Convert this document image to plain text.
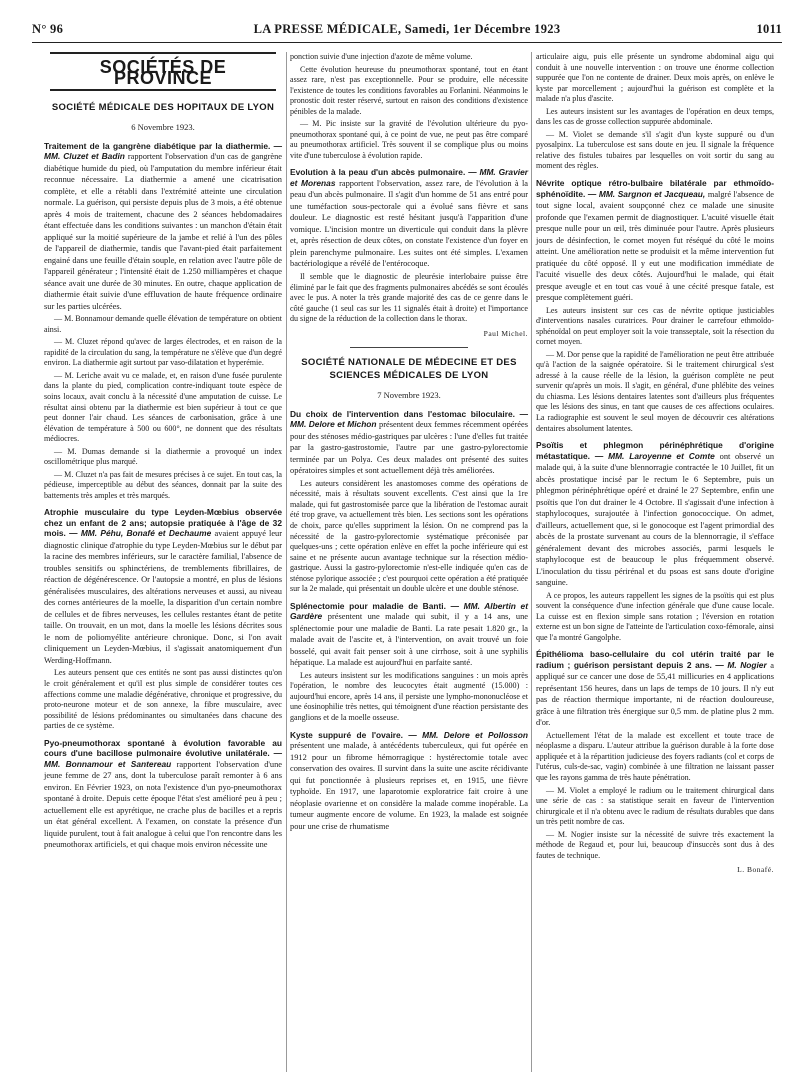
N° 96	LA PRESSE MÉDICALE, Samedi, 1er Décembre 1923	1011
SOCIÉTÉS DE PROVINCE
SOCIÉTÉ MÉDICALE DES HOPITAUX DE LYON

6 Novembre 1923.

Traitement de la gangrène diabétique par la diathermie. — MM. Cluzet et Badin rapportent l'observation d'un cas de gangrène diabétique humide du pied, où l'amputation du membre inférieur était reconnue nécessaire. La diathermie a amené une cicatrisation complète, et elle a rétabli dans l'extrémité atteinte une circulation normale. La guérison, qui persiste depuis plus de 3 mois, a été obtenue après 4 mois de traitement, chacune des 2 séances hebdomadaires étant effectuée dans les conditions suivantes : un manchon d'étain était appliqué sur la moitié supérieure de la jambe et relié à l'un des pôles de l'appareil de diathermie, tandis que l'avant-pied était parfaitement engainé dans une feuille d'étain souple, en relation avec l'autre pôle de l'appareil générateur ; l'intensité était de 1.250 milliampères et chaque séance avait une durée de 30 minutes. En outre, chaque application de diathermie était suivie d'une effluvation de haute fréquence ordinaire sur les parties ulcérées.

— M. Bonnamour demande quelle élévation de température on obtient ainsi.

— M. Cluzet répond qu'avec de larges électrodes, et en raison de la rapidité de la circulation du sang, la température ne s'élève que d'un degré environ. La diathermie agit surtout par vaso-dilatation et hyperémie.

— M. Leriche avait vu ce malade, et, en raison d'une fusée purulente dans la plante du pied, complication contre-indiquant toute espèce de soins locaux, avait conclu à la nécessité d'une amputation de cuisse. Le résultat ainsi obtenu par la diathermie est bien supérieur à tout ce que peut donner l'air chaud. Les séances de carbonisation, grâce à une élévation de température à 500 ou 600°, ne donnent que des résultats médiocres.

— M. Dumas demande si la diathermie a provoqué un index oscillométrique plus marqué.

— M. Cluzet n'a pas fait de mesures précises à ce sujet. En tout cas, la pédieuse, imperceptible au début des séances, donnait par la suite des battements très amples et très marqués.

Atrophie musculaire du type Leyden-Mœbius observée chez un enfant de 2 ans; autopsie pratiquée à l'âge de 32 mois. — MM. Péhu, Bonafé et Dechaume avaient appuyé leur diagnostic clinique d'atrophie du type Leyden-Mœbius sur le début par la racine des membres inférieurs, sur le caractère familial, l'absence de troubles sensitifs ou sphinctériens, de tremblements fibrillaires, de réaction de dégénérescence. Or l'autopsie a montré, en plus de lésions généralisées musculaires, des altérations nerveuses et aussi, au niveau des cornes antérieures de la moelle, la disparition d'un certain nombre de cellules et de fibres nerveuses, les cellules restantes étant de petite taille. On trouvait, en un mot, dans la moelle les lésions décrites sous le nom de poliomyélite antérieure chronique. Donc, si l'on avait cliniquement un Leyden-Mœbius, il s'agissait anatomiquement d'un Werding-Hoffmann.

Les auteurs pensent que ces entités ne sont pas aussi distinctes qu'on le croit généralement et qu'il est plus simple de considérer toutes ces affections comme une maladie dégénérative, chronique et progressive, du proto-neurone moteur et de son annexe, la fibre musculaire, avec possibilité de lésions prédominantes ou simultanées dans chacune des parties de ce système.

Pyo-pneumothorax spontané à évolution favorable au cours d'une bacillose pulmonaire évolutive unilatérale. — MM. Bonnamour et Santereau rapportent l'observation d'une jeune femme de 27 ans, dont la tuberculose paraît remonter à 6 ans environ. En Février 1923, on nota l'existence d'un pyo-pneumothorax spontané à droite. Depuis cette époque l'état s'est amélioré peu à peu ; actuellement elle est apyrétique, ne crache plus de bacilles et a repris un état général excellent. A l'examen, on constate la présence d'un liquide purulent, tout à fait analogue à celui que l'on rencontre dans les pneumothorax artificiels, et qui chaque mois environ nécessite une

ponction suivie d'une injection d'azote de même volume.

Cette évolution heureuse du pneumothorax spontané, tout en étant assez rare, n'est pas exceptionnelle. Pour se produire, elle nécessite l'existence de toutes les conditions favorables au Forlanini. Néanmoins le pronostic doit rester réservé, surtout en raison des conditions d'existence pénibles de la malade.

— M. Pic insiste sur la gravité de l'évolution ultérieure du pyo-pneumothorax spontané qui, à ce point de vue, ne peut pas être comparé au pneumothorax artificiel. Très souvent il se complique plus ou moins vite d'une tuberculose à évolution rapide.

Evolution à la peau d'un abcès pulmonaire. — MM. Gravier et Morenas rapportent l'observation, assez rare, de l'évolution à la peau d'un abcès pulmonaire. Il s'agit d'un homme de 51 ans entré pour une tuméfaction sous-pectorale qui a évolué sans fièvre et sans douleur. Le diagnostic est resté hésitant jusqu'à l'apparition d'une vomique. L'incision montre un diverticule qui conduit dans la plèvre et, après résection de deux côtes, on constate l'existence d'un foyer en plein parenchyme pulmonaire. Les suites ont été simples. L'examen bactériologique a révélé de l'entérocoque.

Il semble que le diagnostic de pleurésie interlobaire puisse être éliminé par le fait que des fragments pulmonaires abcédés se sont écoulés avec le pus. A noter la très grande majorité des cas de ce genre dans le côté gauche (1 seul cas sur les 11 signalés était à droite) et l'importance du signe de la réduction de la collection dans le thorax.

Paul Michel.
SOCIÉTÉ NATIONALE DE MÉDECINE ET DES SCIENCES MÉDICALES DE LYON

7 Novembre 1923.

Du choix de l'intervention dans l'estomac biloculaire. — MM. Delore et Michon présentent deux femmes récemment opérées pour des sténoses médio-gastriques par ulcères : l'une d'elles fut traitée par la gastro-gastrostomie, l'autre par une gastro-pylorectomie terminée par un Polya. Ces deux malades ont présenté des suites opératoires simples et sont actuellement déjà très améliorées.

Les auteurs considèrent les anastomoses comme des opérations de nécessité, mais à résultats souvent excellents. C'est ainsi que la 1re malade, qui fut gastrostomisée parce que la libération de l'estomac aurait été trop grave, va actuellement très bien. Les sections sont les opérations de choix, parce qu'elles suppriment la lésion. On ne comprend pas la nécessité de la gastro-pylorectomie systématique préconisée par quelques-uns ; cette opération enlève en effet la poche inférieure qui est saine et ne présente aucun avantage technique sur la résection médio-gastrique. Aussi la gastro-pylorectomie n'est-elle indiquée qu'en cas de sténose pylorique associée ; c'est pourquoi cette opération a été pratiquée sur la 2e malade, qui présentait un double ulcère et une double sténose.

Splénectomie pour maladie de Banti. — MM. Albertin et Gardère présentent une malade qui subit, il y a 14 ans, une splénectomie pour une maladie de Banti. La rate pesait 1.820 gr., la malade avait de l'ascite et, à l'intervention, on avait trouvé un foie bosselé, qui avait fait penser soit à une cirrhose, soit à une syphilis hépatique. La malade est aujourd'hui en parfaite santé.

Les auteurs insistent sur les modifications sanguines : un mois après l'opération, le nombre des leucocytes était augmenté (15.000) : aujourd'hui encore, après 14 ans, il persiste une lympho-mononucléose et une éosinophilie très nettes, qui témoignent d'une réaction persistante des ganglions et de la moelle osseuse.

Kyste suppuré de l'ovaire. — MM. Delore et Pollosson présentent une malade, à antécédents tuberculeux, qui fut opérée en 1912 pour un fibrome hémorragique : hystérectomie totale avec conservation des ovaires. Il survint dans la suite une ascite récidivante qui fut ponctionnée à plusieurs reprises et, en 1915, une fièvre typhoïde. En 1917, une laparotomie exploratrice fait croire à une néoplasie ovarienne et on considère la malade comme inopérable. La tumeur augmente encore de volume. En 1923, la malade est soignée pour une crise de rhumatisme

articulaire aigu, puis elle présente un syndrome abdominal aigu qui conduit à une nouvelle intervention : on trouve une énorme collection suppurée que l'on ne contente de drainer. Deux mois après, on enlève le kyste par morcellement ; aujourd'hui la guérison est complète et la malade n'a plus d'ascite.

Les auteurs insistent sur les avantages de l'opération en deux temps, dans les cas de grosse collection suppurée abdominale.

— M. Violet se demande s'il s'agit d'un kyste suppuré ou d'un pyosalpinx. La tuberculose est sans doute en jeu. Il signale la fréquence relative des fistules tubaires par lesquelles on voit sortir du sang au moment des règles.

Névrite optique rétro-bulbaire bilatérale par ethmoïdo-sphénoïdite. — MM. Sargnon et Jacqueau, malgré l'absence de tout signe local, avaient soupçonné chez ce malade une sinusite profonde que l'examen permit de diagnostiquer. L'acuité visuelle était presque nulle pour un œil, très diminuée pour l'autre. Après plusieurs jours de désinfection, le cornet moyen fut réséqué du côté le moins atteint. Une amélioration nette se produisit et la même intervention fut pratiquée du côté opposé. Il y eut une modification immédiate de l'acuité visuelle des deux côtés. Aujourd'hui le malade, qui était presque aveugle et en tout cas voué à une cécité presque fatale, est presque complètement guéri.

Les auteurs insistent sur ces cas de névrite optique justiciables d'interventions nasales curatrices. Pour drainer le carrefour ethmoïdo-sphénoïdal on peut employer soit la voie transseptale, soit la résection du cornet moyen.

— M. Dor pense que la rapidité de l'amélioration ne peut être attribuée qu'à l'action de la saignée opératoire. Si le traitement chirurgical s'est adressé à la cause réelle de la lésion, la guérison complète ne peut survenir qu'après un mois. Il s'agit, en général, d'une phlébite des veines du chiasma. Les lésions dentaires latentes sont d'ailleurs plus fréquentes que les lésions des sinus, en tant que causes de ces affections oculaires. La radiographie est souvent le seul moyen de découvrir ces altérations dentaires absolument latentes.

Psoïtis et phlegmon périnéphrétique d'origine métastatique. — MM. Laroyenne et Comte ont observé un malade qui, à la suite d'une blennorragie contractée le 10 Juillet, fit un abcès prostatique incisé par le rectum le 6 Septembre, puis un phlegmon périnéphrétique opéré et drainé le 27 Septembre, enfin une psoïtis que l'on dut drainer le 4 Octobre. Il s'agissait d'une infection à staphylocoques, surajoutée à l'infection gonococcique. On admet, d'ailleurs, actuellement que, si le gonocoque est l'agent primordial des abcès de la prostate survenant au cours de la blennorragie, il s'efface généralement devant des microbes associés, parmi lesquels le staphylocoque est de beaucoup le plus fréquemment observé. L'inoculation du tissu périrénal et du psoas est sans doute d'origine sanguine.

A ce propos, les auteurs rappellent les signes de la psoïtis qui est plus souvent la conséquence d'une infection générale que d'une cause locale. La cuisse est en flexion simple sans rotation ; l'éversion en rotation externe est un bon signe de l'atteinte de l'articulation coxo-fémorale, ainsi que l'a montré Gangolphe.

Épithélioma baso-cellulaire du col utérin traité par le radium ; guérison persistant depuis 2 ans. — M. Nogier a appliqué sur ce cancer une dose de 55,41 millicuries en 4 applications représentant 156 heures, dans un laps de temps de 10 jours. Il n'y eut pas de réaction thermique importante, ni de réaction douloureuse, grâce à une filtration très énergique sur 0,5 mm. de platine plus 2 mm. d'or.

Actuellement l'état de la malade est excellent et toute trace de néoplasme a disparu. L'auteur attribue la guérison durable à la forte dose appliquée et à la répartition judicieuse des foyers radiants (col et corps de l'utérus, culs-de-sac, vagin) combinée à une filtration ne laissant passer que les rayons gamma de très haute pénétration.

— M. Violet a employé le radium ou le traitement chirurgical dans une série de cas : sa statistique serait en faveur de l'intervention chirurgicale et il n'a obtenu avec le radium de résultats durables que dans un très petit nombre de cas.

— M. Nogier insiste sur la nécessité de suivre très exactement la méthode de Regaud et, pour lui, beaucoup d'insuccès sont dus à des fautes de technique.

L. Bonafé.
